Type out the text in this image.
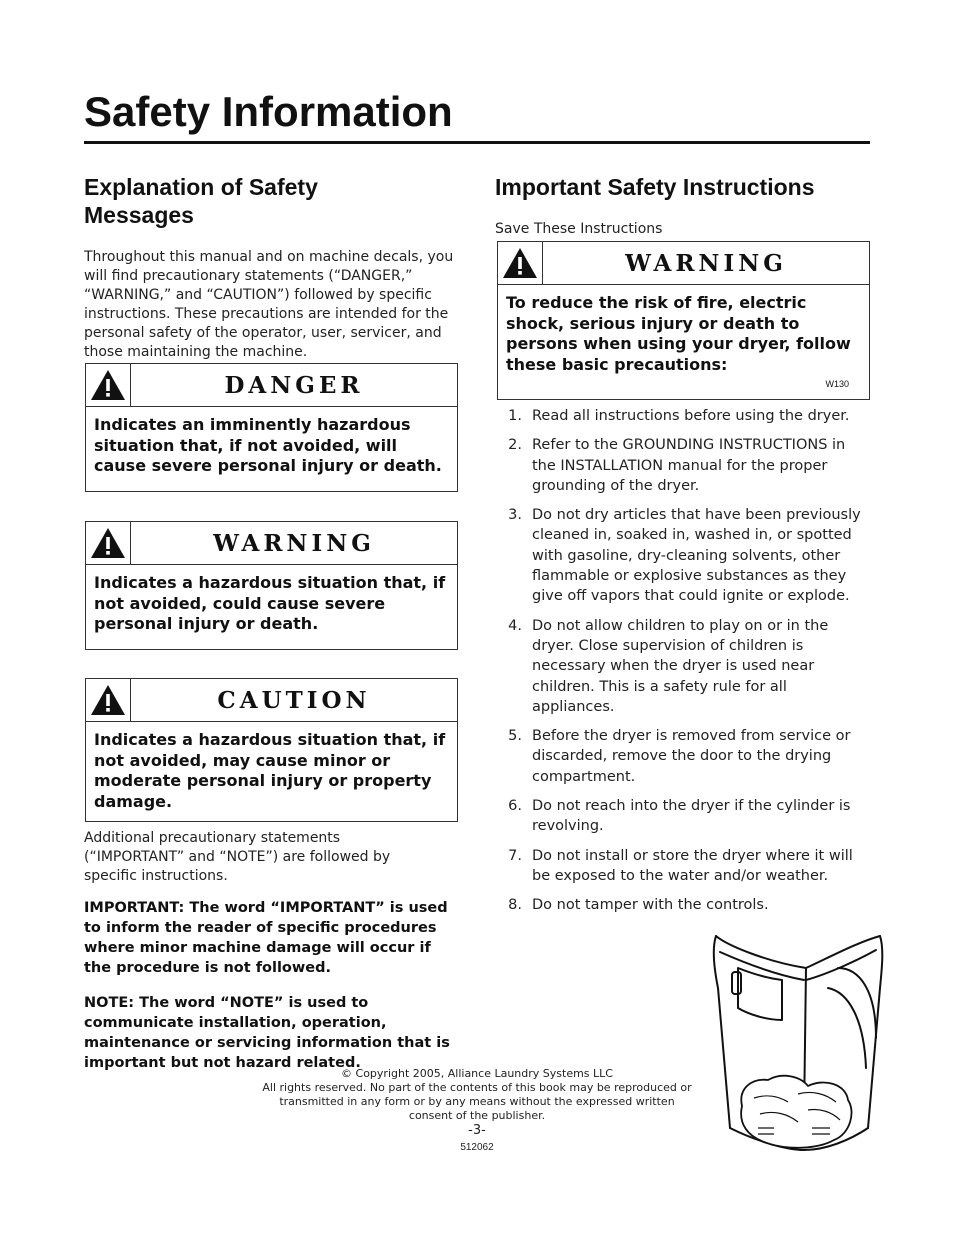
Safety Information
Explanation of Safety Messages
Throughout this manual and on machine decals, you will find precautionary statements (“DANGER,” “WARNING,” and “CAUTION”) followed by specific instructions. These precautions are intended for the personal safety of the operator, user, servicer, and those maintaining the machine.
DANGER
Indicates an imminently hazardous situation that, if not avoided, will cause severe personal injury or death.
WARNING
Indicates a hazardous situation that, if not avoided, could cause severe personal injury or death.
CAUTION
Indicates a hazardous situation that, if not avoided, may cause minor or moderate personal injury or property damage.
Additional precautionary statements (“IMPORTANT” and “NOTE”) are followed by specific instructions.
IMPORTANT: The word “IMPORTANT” is used to inform the reader of specific procedures where minor machine damage will occur if the procedure is not followed.
NOTE: The word “NOTE” is used to communicate installation, operation, maintenance or servicing information that is important but not hazard related.
Important Safety Instructions
Save These Instructions
WARNING
To reduce the risk of fire, electric shock, serious injury or death to persons when using your dryer, follow these basic precautions:
W130
1. Read all instructions before using the dryer.
2. Refer to the GROUNDING INSTRUCTIONS in the INSTALLATION manual for the proper grounding of the dryer.
3. Do not dry articles that have been previously cleaned in, soaked in, washed in, or spotted with gasoline, dry-cleaning solvents, other flammable or explosive substances as they give off vapors that could ignite or explode.
4. Do not allow children to play on or in the dryer. Close supervision of children is necessary when the dryer is used near children. This is a safety rule for all appliances.
5. Before the dryer is removed from service or discarded, remove the door to the drying compartment.
6. Do not reach into the dryer if the cylinder is revolving.
7. Do not install or store the dryer where it will be exposed to the water and/or weather.
8. Do not tamper with the controls.
© Copyright 2005, Alliance Laundry Systems LLC
All rights reserved. No part of the contents of this book may be reproduced or transmitted in any form or by any means without the expressed written consent of the publisher.
-3-
512062
